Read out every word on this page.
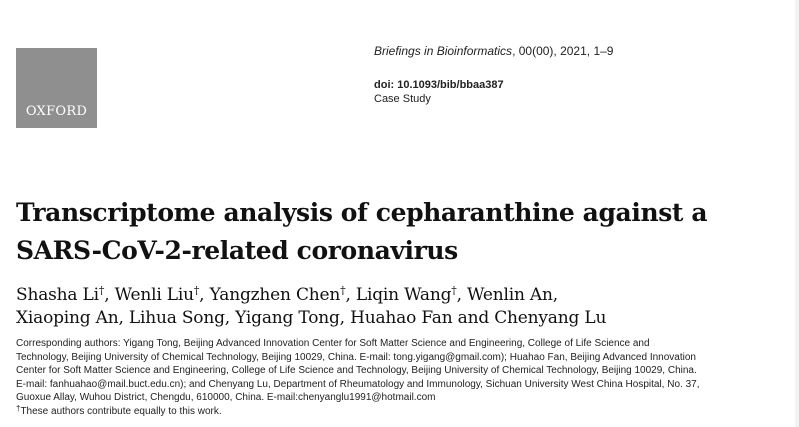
OXFORD
Briefings in Bioinformatics, 00(00), 2021, 1–9
doi: 10.1093/bib/bbaa387
Case Study
Transcriptome analysis of cepharanthine against a
SARS-CoV-2-related coronavirus
Shasha Li†, Wenli Liu†, Yangzhen Chen†, Liqin Wang†, Wenlin An,
Xiaoping An, Lihua Song, Yigang Tong, Huahao Fan and Chenyang Lu
Corresponding authors: Yigang Tong, Beijing Advanced Innovation Center for Soft Matter Science and Engineering, College of Life Science and
Technology, Beijing University of Chemical Technology, Beijing 10029, China. E-mail: tong.yigang@gmail.com); Huahao Fan, Beijing Advanced Innovation
Center for Soft Matter Science and Engineering, College of Life Science and Technology, Beijing University of Chemical Technology, Beijing 10029, China.
E-mail: fanhuahao@mail.buct.edu.cn); and Chenyang Lu, Department of Rheumatology and Immunology, Sichuan University West China Hospital, No. 37,
Guoxue Allay, Wuhou District, Chengdu, 610000, China. E-mail:chenyanglu1991@hotmail.com
†These authors contribute equally to this work.
